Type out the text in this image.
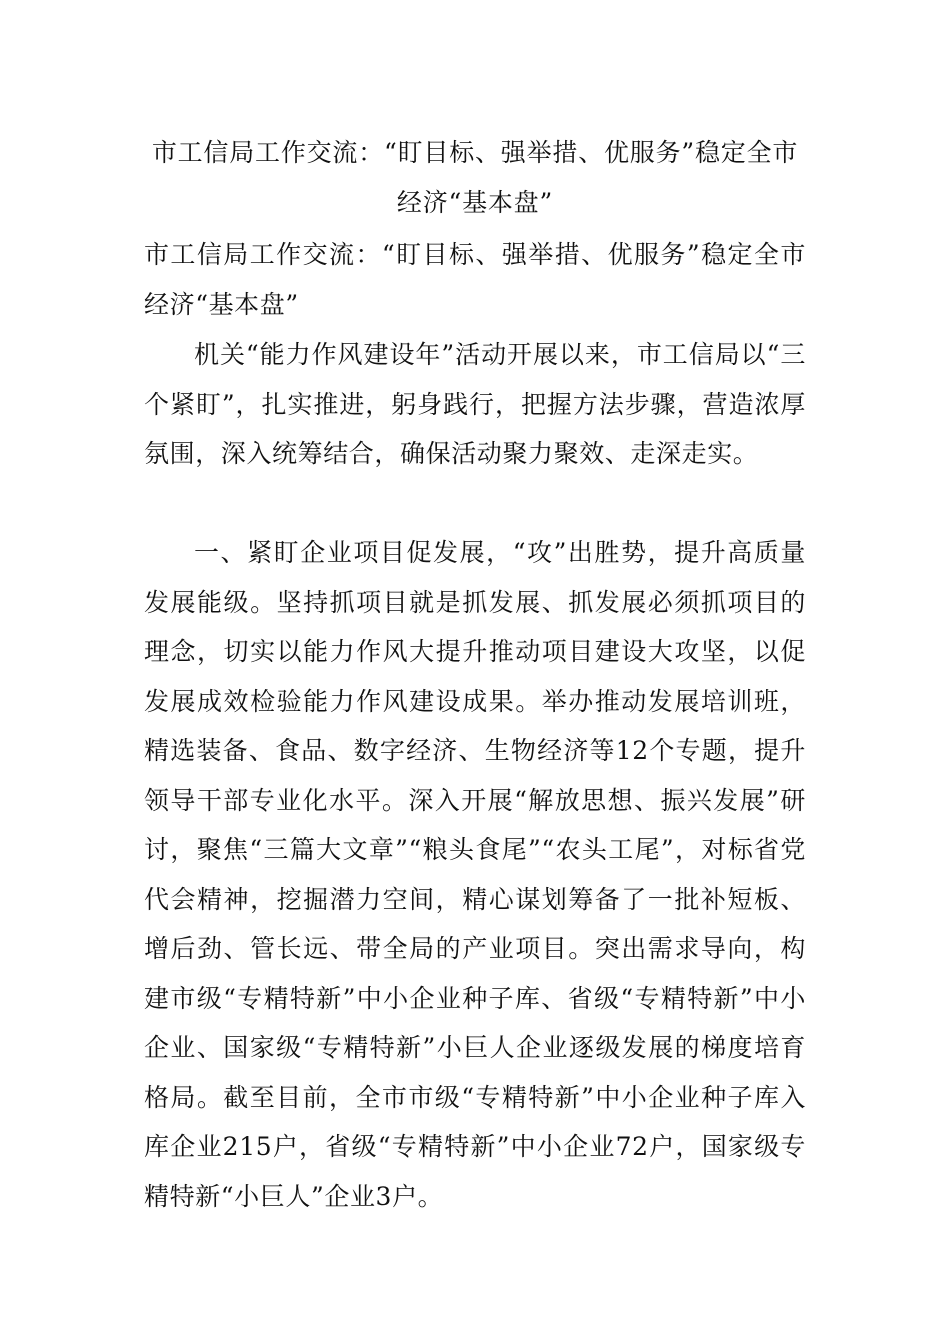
市工信局工作交流：“盯目标、强举措、优服务”稳定全市经济“基本盘”

市工信局工作交流：“盯目标、强举措、优服务”稳定全市经济“基本盘”

机关“能力作风建设年”活动开展以来，市工信局以“三个紧盯”，扎实推进，躬身践行，把握方法步骤，营造浓厚氛围，深入统筹结合，确保活动聚力聚效、走深走实。

一、紧盯企业项目促发展，“攻”出胜势，提升高质量发展能级。坚持抓项目就是抓发展、抓发展必须抓项目的理念，切实以能力作风大提升推动项目建设大攻坚，以促发展成效检验能力作风建设成果。举办推动发展培训班，精选装备、食品、数字经济、生物经济等12个专题，提升领导干部专业化水平。深入开展“解放思想、振兴发展”研讨，聚焦“三篇大文章”“粮头食尾”“农头工尾”，对标省党代会精神，挖掘潜力空间，精心谋划筹备了一批补短板、增后劲、管长远、带全局的产业项目。突出需求导向，构建市级“专精特新”中小企业种子库、省级“专精特新”中小企业、国家级“专精特新”小巨人企业逐级发展的梯度培育格局。截至目前，全市市级“专精特新”中小企业种子库入库企业215户，省级“专精特新”中小企业72户，国家级专精特新“小巨人”企业3户。
